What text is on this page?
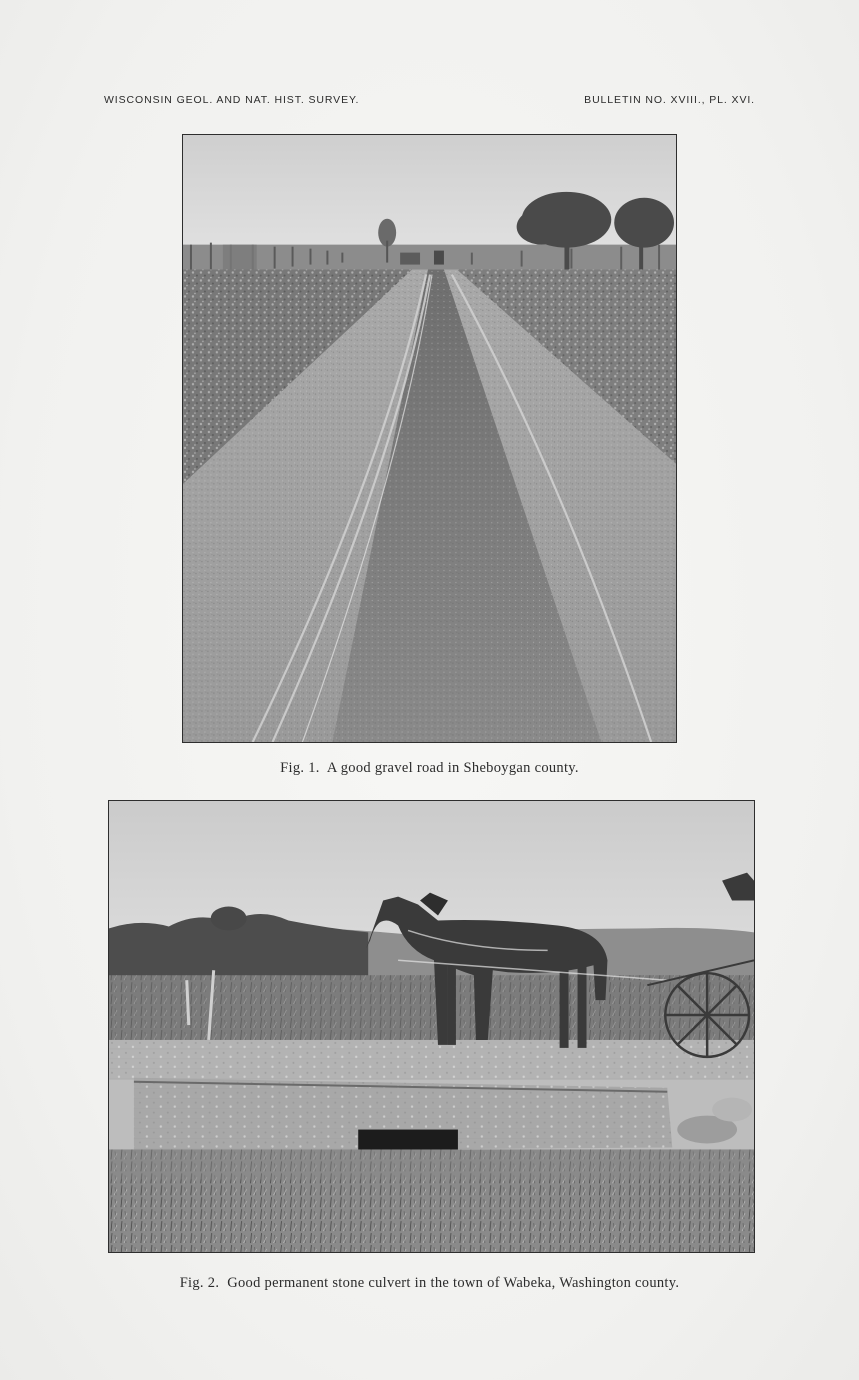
WISCONSIN GEOL. AND NAT. HIST. SURVEY.	BULLETIN NO. XVIII., PL. XVI.
Fig. 1. A good gravel road in Sheboygan county.
Fig. 2. Good permanent stone culvert in the town of Wabeka, Washington county.
